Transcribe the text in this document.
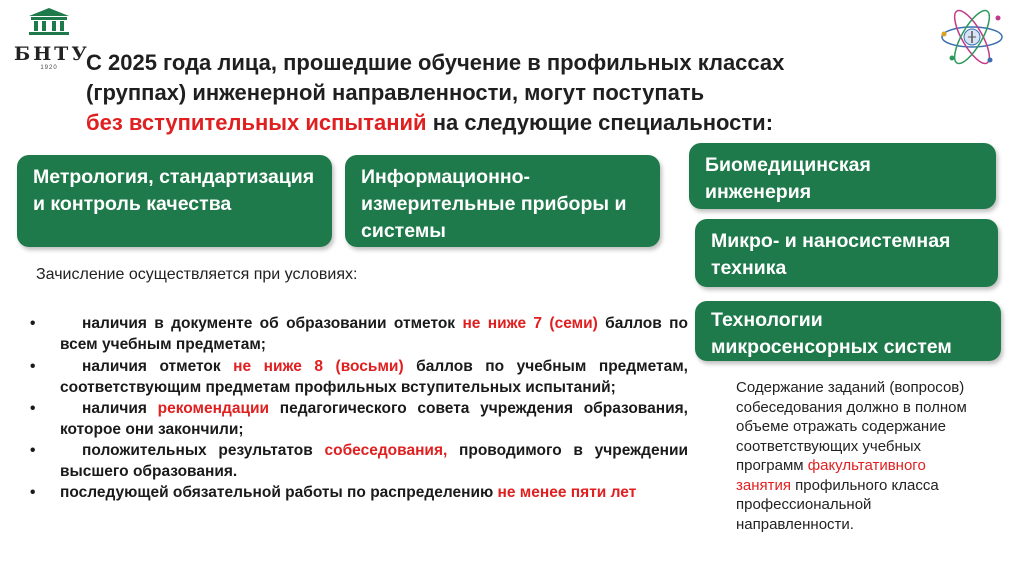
БНТУ
1920	С 2025 года лица, прошедшие обучение в профильных классах
(группах) инженерной направленности, могут поступать
без вступительных испытаний на следующие специальности:
Метрология, стандартизация и контроль качества
Информационно-измерительные приборы и системы
Биомедицинская инженерия
Микро- и наносистемная техника
Технологии микросенсорных систем
Зачисление осуществляется при условиях:
•	наличия в документе об образовании отметок не ниже 7 (семи) баллов по всем учебным предметам;
•	наличия отметок не ниже 8 (восьми) баллов по учебным предметам, соответствующим предметам профильных вступительных испытаний;
•	наличия рекомендации педагогического совета учреждения образования, которое они закончили;
•	положительных результатов собеседования, проводимого в учреждении высшего образования.
• последующей обязательной работы по распределению не менее пяти лет
Содержание заданий (вопросов) собеседования должно в полном объеме отражать содержание соответствующих учебных программ факультативного занятия профильного класса профессиональной направленности.
